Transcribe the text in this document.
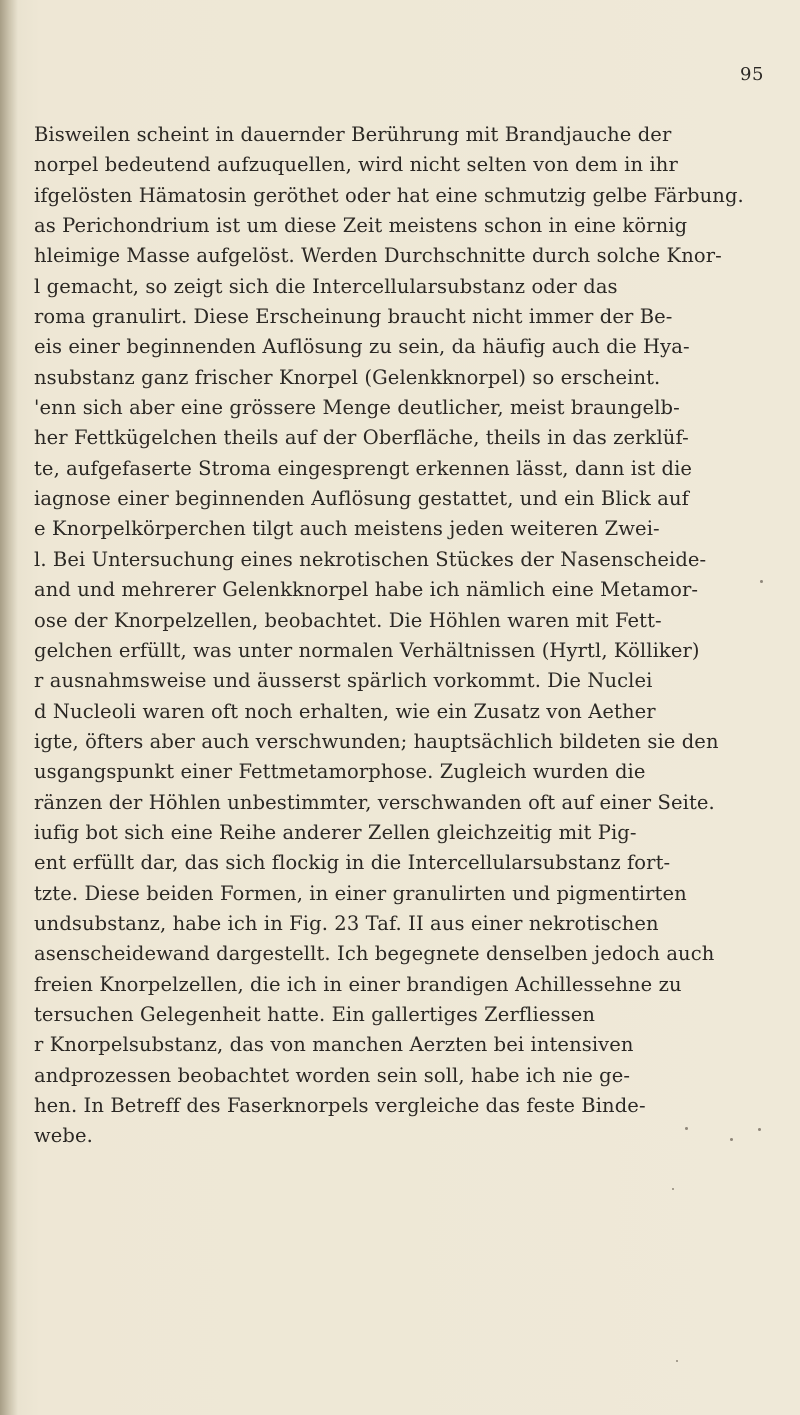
95
Bisweilen scheint in dauernder Berührung mit Brandjauche der
norpel bedeutend aufzuquellen, wird nicht selten von dem in ihr
ifgelösten Hämatosin geröthet oder hat eine schmutzig gelbe Färbung.
as Perichondrium ist um diese Zeit meistens schon in eine körnig
hleimige Masse aufgelöst. Werden Durchschnitte durch solche Knor-
l gemacht, so zeigt sich die Intercellularsubstanz oder das
roma granulirt. Diese Erscheinung braucht nicht immer der Be-
eis einer beginnenden Auflösung zu sein, da häufig auch die Hya-
nsubstanz ganz frischer Knorpel (Gelenkknorpel) so erscheint.
'enn sich aber eine grössere Menge deutlicher, meist braungelb-
her Fettkügelchen theils auf der Oberfläche, theils in das zerklüf-
te, aufgefaserte Stroma eingesprengt erkennen lässt, dann ist die
iagnose einer beginnenden Auflösung gestattet, und ein Blick auf
e Knorpelkörperchen tilgt auch meistens jeden weiteren Zwei-
l. Bei Untersuchung eines nekrotischen Stückes der Nasenscheide-
and und mehrerer Gelenkknorpel habe ich nämlich eine Metamor-
ose der Knorpelzellen, beobachtet. Die Höhlen waren mit Fett-
gelchen erfüllt, was unter normalen Verhältnissen (Hyrtl, Kölliker)
r ausnahmsweise und äusserst spärlich vorkommt. Die Nuclei
d Nucleoli waren oft noch erhalten, wie ein Zusatz von Aether
igte, öfters aber auch verschwunden; hauptsächlich bildeten sie den
usgangspunkt einer Fettmetamorphose. Zugleich wurden die
ränzen der Höhlen unbestimmter, verschwanden oft auf einer Seite.
iufig bot sich eine Reihe anderer Zellen gleichzeitig mit Pig-
ent erfüllt dar, das sich flockig in die Intercellularsubstanz fort-
tzte. Diese beiden Formen, in einer granulirten und pigmentirten
undsubstanz, habe ich in Fig. 23 Taf. II aus einer nekrotischen
asenscheidewand dargestellt. Ich begegnete denselben jedoch auch
freien Knorpelzellen, die ich in einer brandigen Achillessehne zu
tersuchen Gelegenheit hatte. Ein gallertiges Zerfliessen
r Knorpelsubstanz, das von manchen Aerzten bei intensiven
andprozessen beobachtet worden sein soll, habe ich nie ge-
hen. In Betreff des Faserknorpels vergleiche das feste Binde-
webe.
